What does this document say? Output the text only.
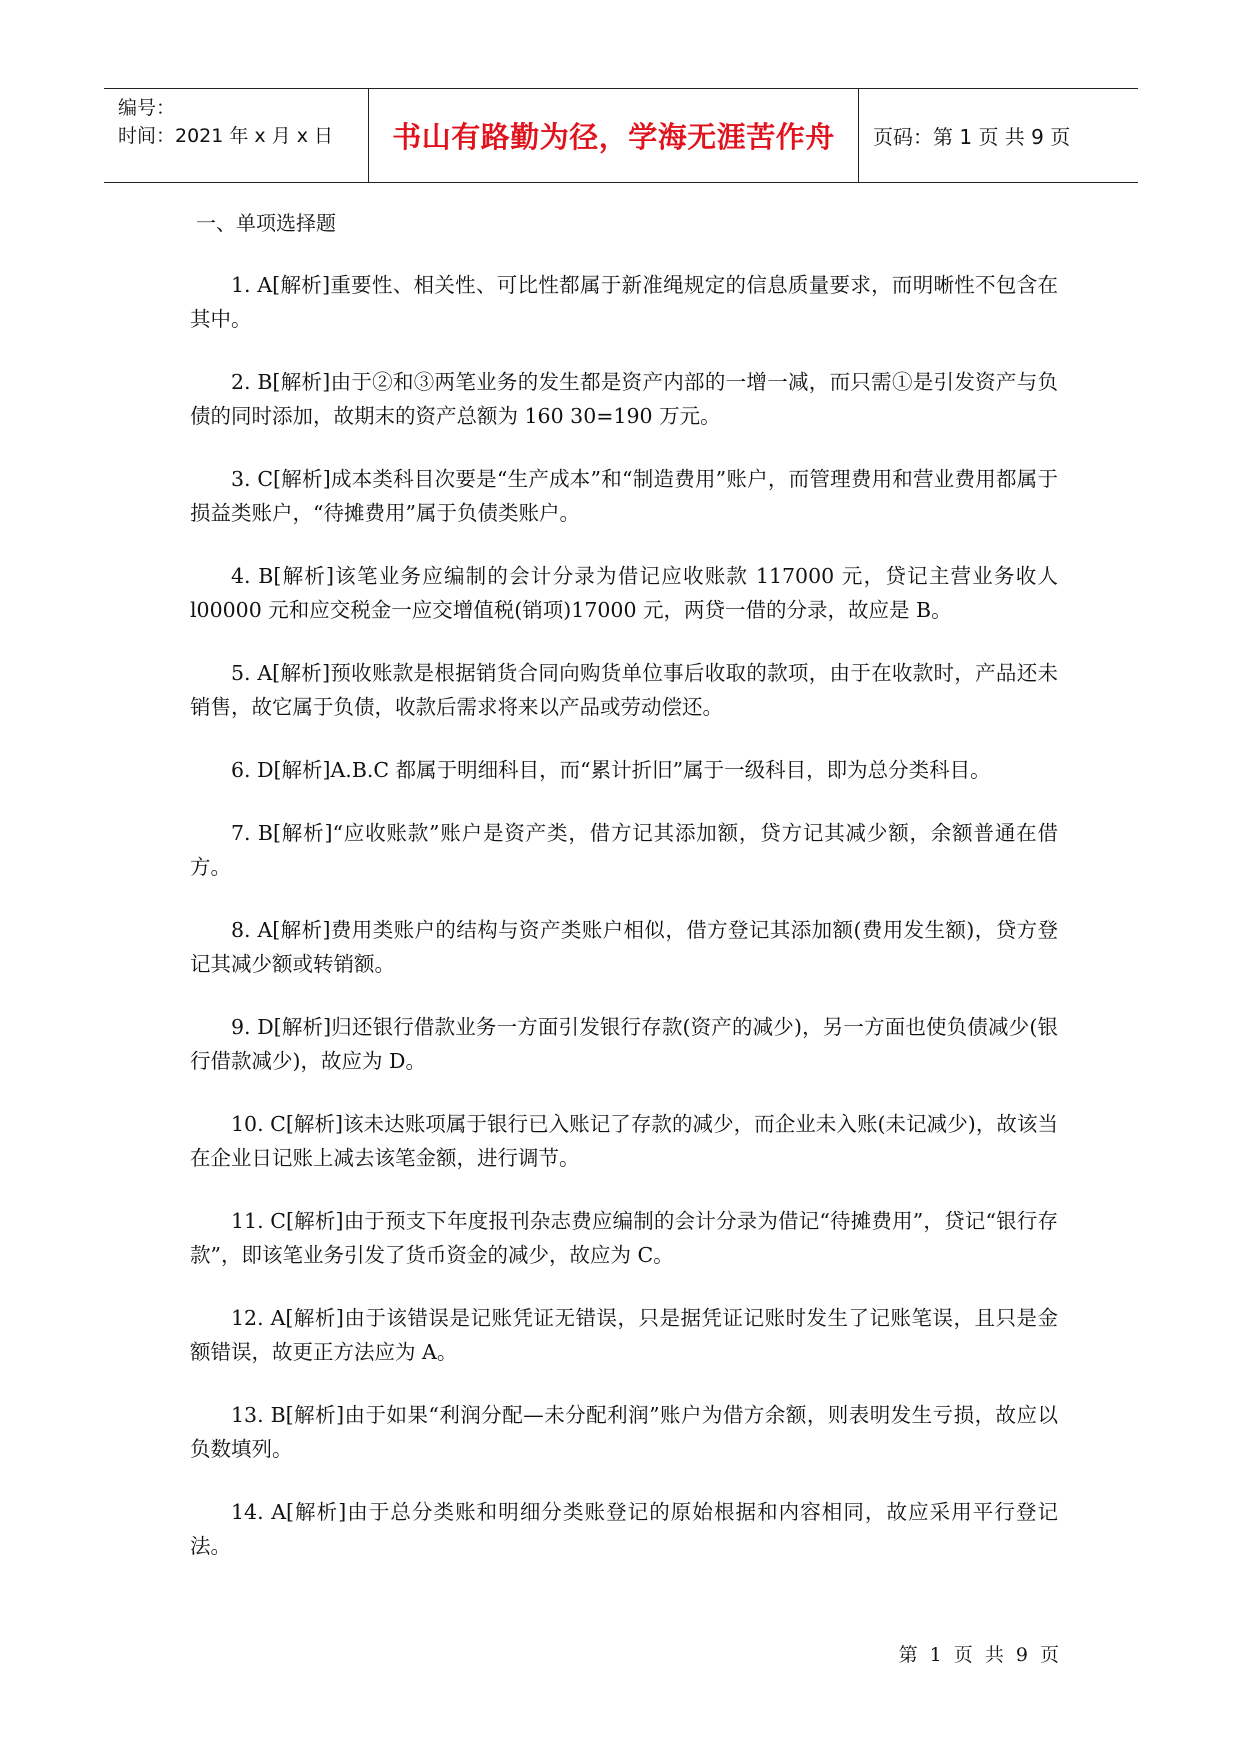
编号：
时间：2021 年 x 月 x 日	书山有路勤为径，学海无涯苦作舟	页码：第 1 页 共 9 页
一、单项选择题

1. A[解析]重要性、相关性、可比性都属于新准绳规定的信息质量要求，而明晰性不包含在其中。

2. B[解析]由于②和③两笔业务的发生都是资产内部的一增一减，而只需①是引发资产与负债的同时添加，故期末的资产总额为 160 30=190 万元。

3. C[解析]成本类科目次要是“生产成本”和“制造费用”账户，而管理费用和营业费用都属于损益类账户，“待摊费用”属于负债类账户。

4. B[解析]该笔业务应编制的会计分录为借记应收账款 117000 元，贷记主营业务收人 l00000 元和应交税金一应交增值税(销项)17000 元，两贷一借的分录，故应是 B。

5. A[解析]预收账款是根据销货合同向购货单位事后收取的款项，由于在收款时，产品还未销售，故它属于负债，收款后需求将来以产品或劳动偿还。

6. D[解析]A.B.C 都属于明细科目，而“累计折旧”属于一级科目，即为总分类科目。

7. B[解析]“应收账款”账户是资产类，借方记其添加额，贷方记其减少额，余额普通在借方。

8. A[解析]费用类账户的结构与资产类账户相似，借方登记其添加额(费用发生额)，贷方登记其减少额或转销额。

9. D[解析]归还银行借款业务一方面引发银行存款(资产的减少)，另一方面也使负债减少(银行借款减少)，故应为 D。

10. C[解析]该未达账项属于银行已入账记了存款的减少，而企业未入账(未记减少)，故该当在企业日记账上减去该笔金额，进行调节。

11. C[解析]由于预支下年度报刊杂志费应编制的会计分录为借记“待摊费用”，贷记“银行存款”，即该笔业务引发了货币资金的减少，故应为 C。

12. A[解析]由于该错误是记账凭证无错误，只是据凭证记账时发生了记账笔误，且只是金额错误，故更正方法应为 A。

13. B[解析]由于如果“利润分配—未分配利润”账户为借方余额，则表明发生亏损，故应以负数填列。

14. A[解析]由于总分类账和明细分类账登记的原始根据和内容相同，故应采用平行登记法。

第 1 页 共 9 页
